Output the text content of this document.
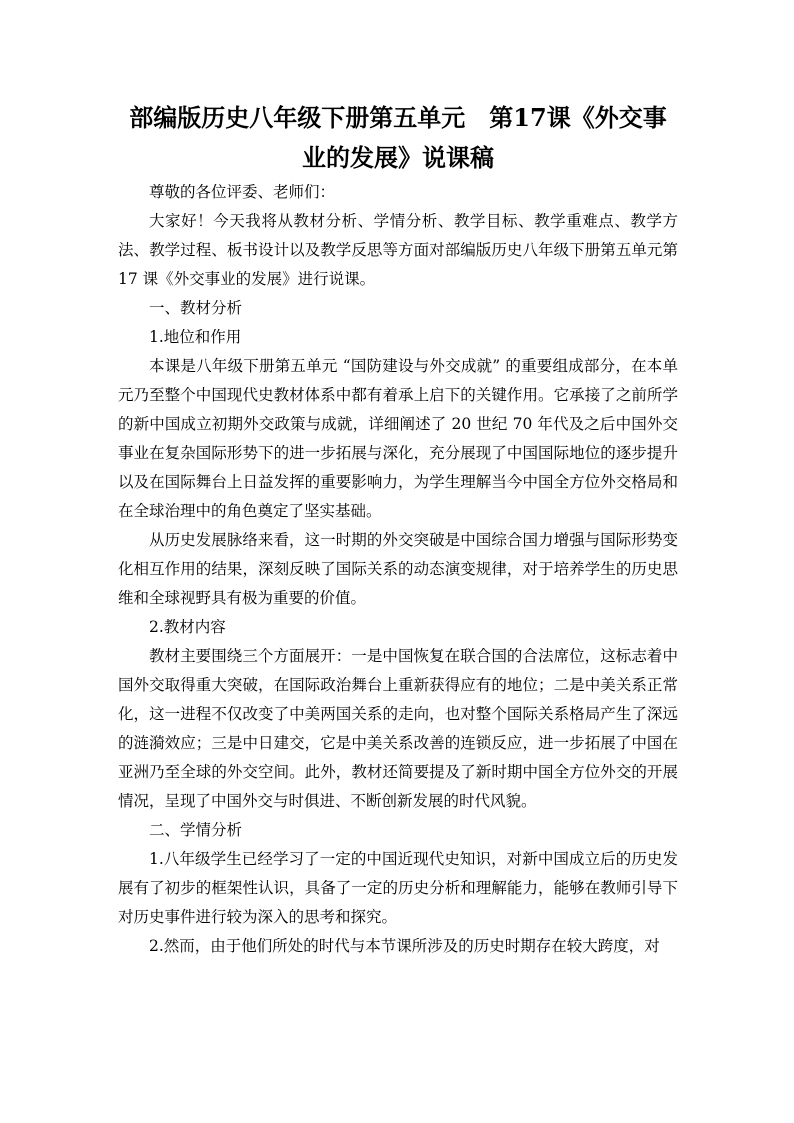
部编版历史八年级下册第五单元　第17课《外交事业的发展》说课稿

尊敬的各位评委、老师们：

大家好！今天我将从教材分析、学情分析、教学目标、教学重难点、教学方法、教学过程、板书设计以及教学反思等方面对部编版历史八年级下册第五单元第 17 课《外交事业的发展》进行说课。

一、教材分析

1.地位和作用

本课是八年级下册第五单元 “国防建设与外交成就” 的重要组成部分，在本单元乃至整个中国现代史教材体系中都有着承上启下的关键作用。它承接了之前所学的新中国成立初期外交政策与成就，详细阐述了 20 世纪 70 年代及之后中国外交事业在复杂国际形势下的进一步拓展与深化，充分展现了中国国际地位的逐步提升以及在国际舞台上日益发挥的重要影响力，为学生理解当今中国全方位外交格局和在全球治理中的角色奠定了坚实基础。

从历史发展脉络来看，这一时期的外交突破是中国综合国力增强与国际形势变化相互作用的结果，深刻反映了国际关系的动态演变规律，对于培养学生的历史思维和全球视野具有极为重要的价值。

2.教材内容

教材主要围绕三个方面展开：一是中国恢复在联合国的合法席位，这标志着中国外交取得重大突破，在国际政治舞台上重新获得应有的地位；二是中美关系正常化，这一进程不仅改变了中美两国关系的走向，也对整个国际关系格局产生了深远的涟漪效应；三是中日建交，它是中美关系改善的连锁反应，进一步拓展了中国在亚洲乃至全球的外交空间。此外，教材还简要提及了新时期中国全方位外交的开展情况，呈现了中国外交与时俱进、不断创新发展的时代风貌。

二、学情分析

1.八年级学生已经学习了一定的中国近现代史知识，对新中国成立后的历史发展有了初步的框架性认识，具备了一定的历史分析和理解能力，能够在教师引导下对历史事件进行较为深入的思考和探究。

2.然而，由于他们所处的时代与本节课所涉及的历史时期存在较大跨度，对
